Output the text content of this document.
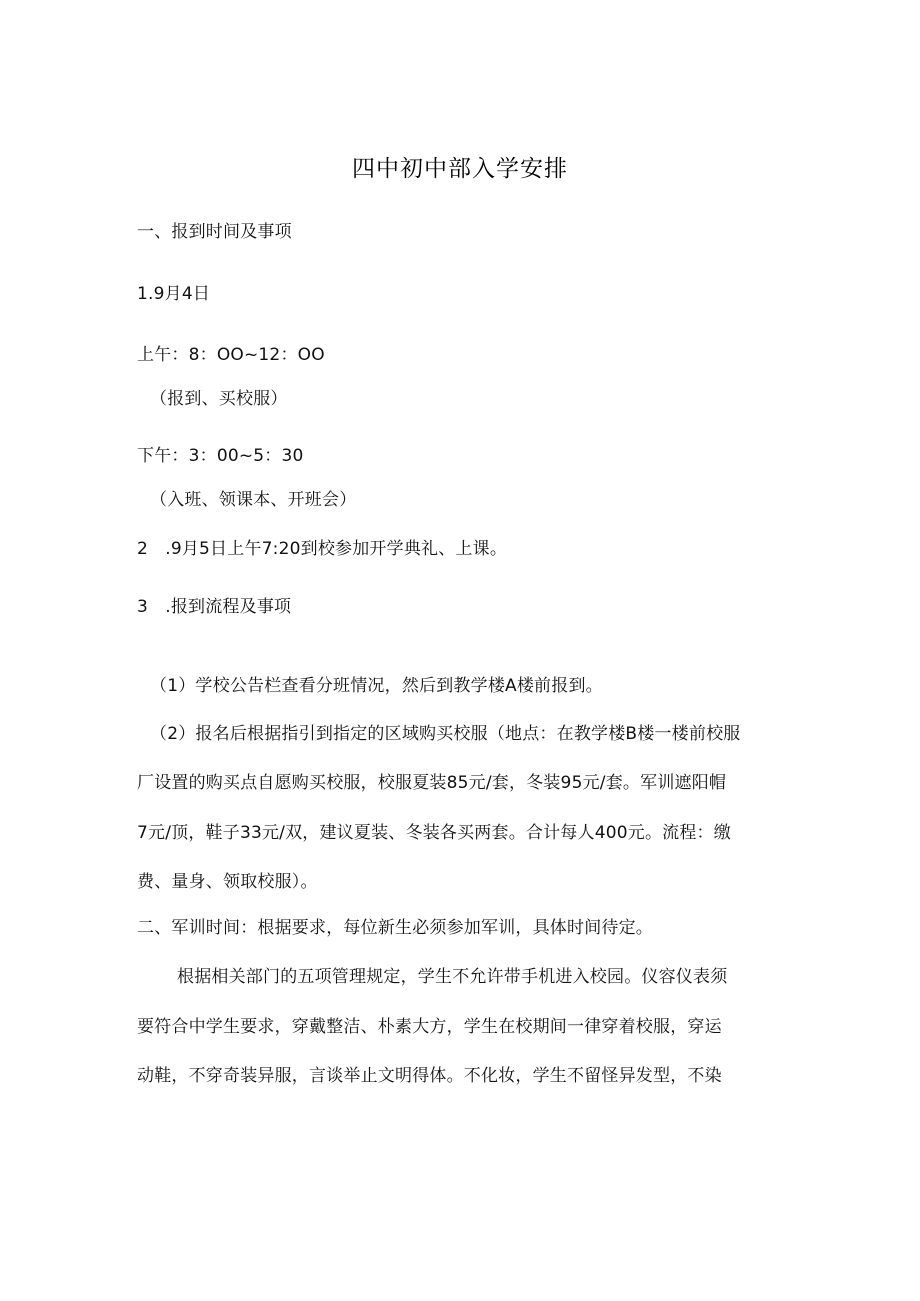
四中初中部入学安排
一、报到时间及事项
1.9月4日
上午：8：OO~12：OO
（报到、买校服）
下午：3：00~5：30
（入班、领课本、开班会）
2　.9月5日上午7:20到校参加开学典礼、上课。
3　.报到流程及事项
（1）学校公告栏查看分班情况，然后到教学楼A楼前报到。
（2）报名后根据指引到指定的区域购买校服（地点：在教学楼B楼一楼前校服
厂设置的购买点自愿购买校服，校服夏装85元/套，冬装95元/套。军训遮阳帽
7元/顶，鞋子33元/双，建议夏装、冬装各买两套。合计每人400元。流程：缴
费、量身、领取校服）。
二、军训时间：根据要求，每位新生必须参加军训，具体时间待定。
根据相关部门的五项管理规定，学生不允许带手机进入校园。仪容仪表须
要符合中学生要求，穿戴整洁、朴素大方，学生在校期间一律穿着校服，穿运
动鞋，不穿奇装异服，言谈举止文明得体。不化妆，学生不留怪异发型，不染
